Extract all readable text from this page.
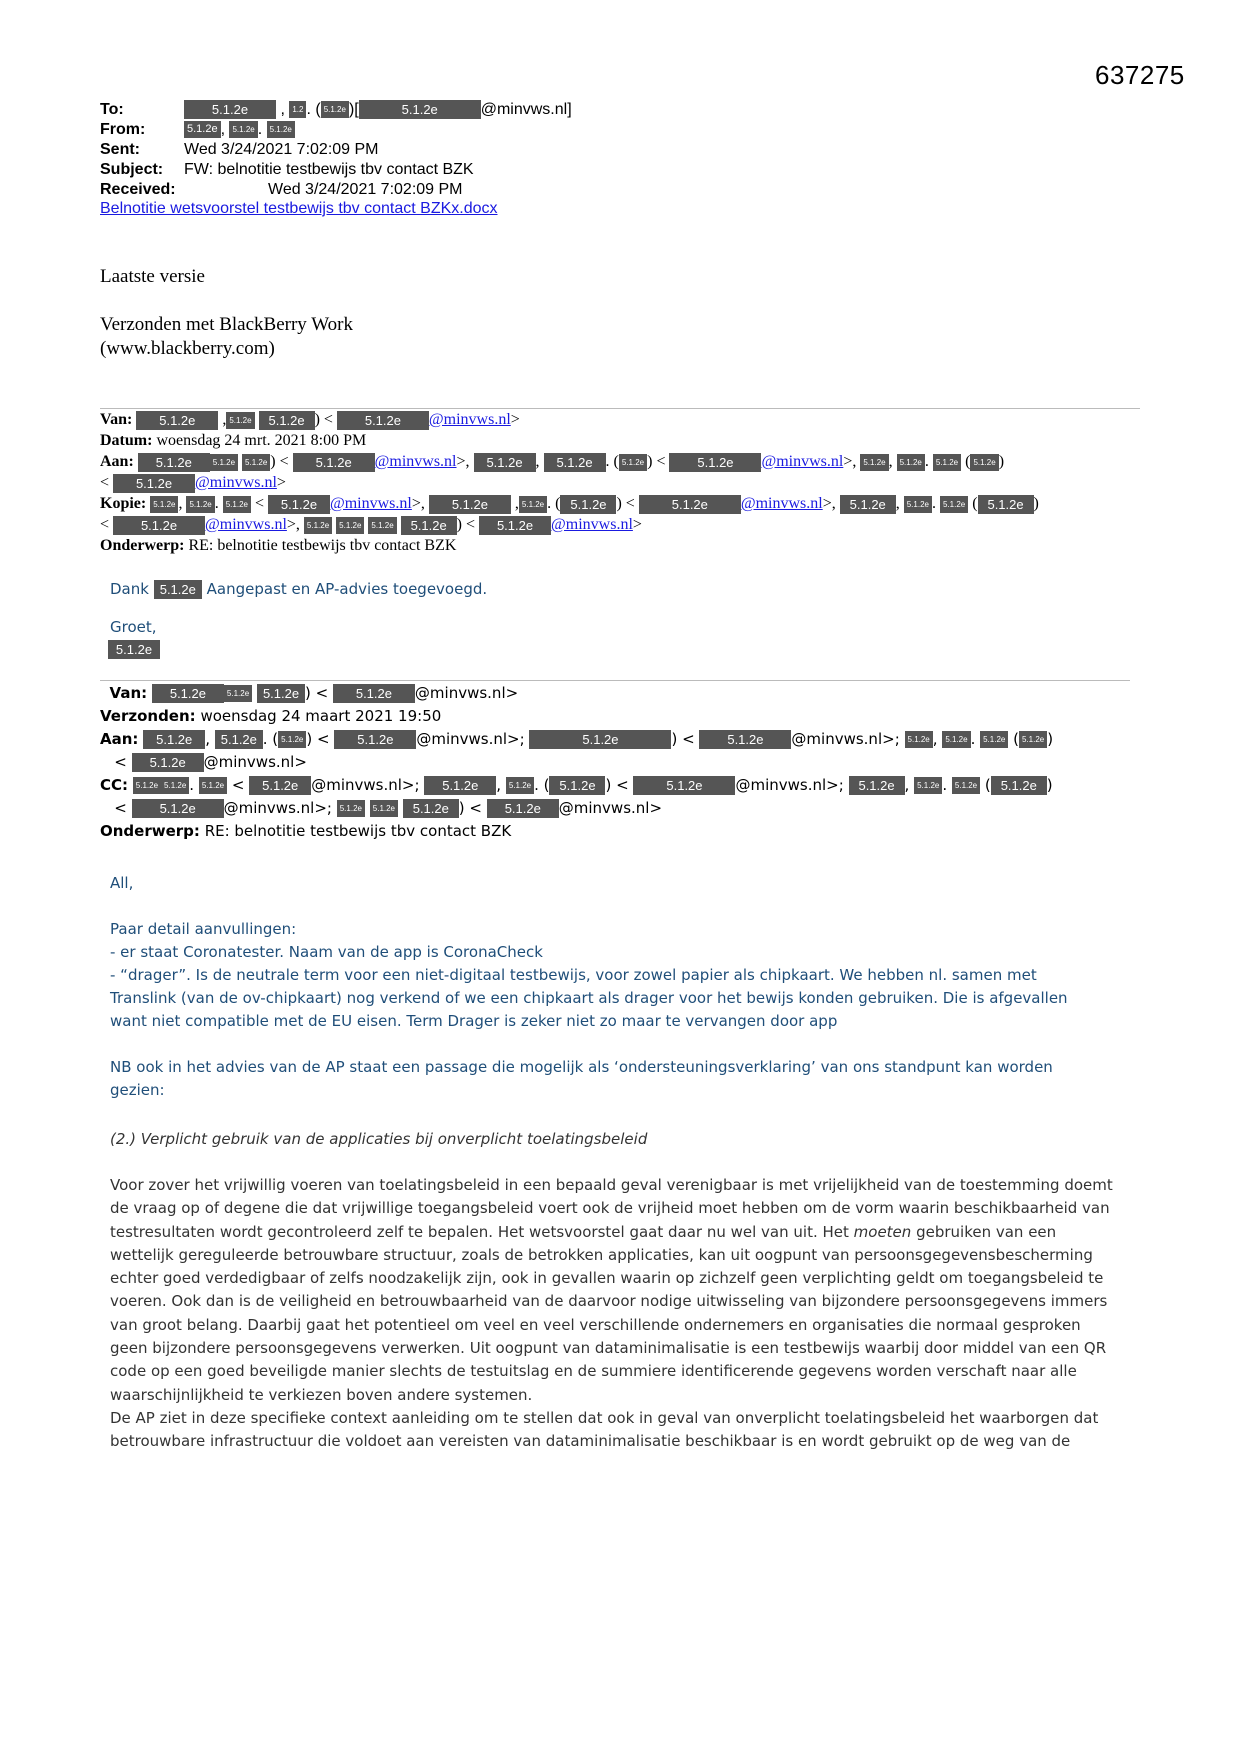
637275
To:	5.1.2e , 1.2 . ( 5.1.2e )[	5.1.2e	@minvws.nl]
From:	5.1.2e , 5.1.2e . 5.1.2e
Sent:	Wed 3/24/2021 7:02:09 PM
Subject: FW: belnotitie testbewijs tbv contact BZK
Received:	Wed 3/24/2021 7:02:09 PM
Belnotitie wetsvoorstel testbewijs tbv contact BZKx.docx
Laatste versie
Verzonden met BlackBerry Work
(www.blackberry.com)
Van: 5.1.2e , 5.1.2e 5.1.2e ) < 5.1.2e @minvws.nl>
Datum: woensdag 24 mrt. 2021 8:00 PM
Aan: 5.1.2e	5.1.2e 5.1.2e ) < 5.1.2e @minvws.nl>, 5.1.2e , 5.1.2e . ( 5.1.2e ) < 5.1.2e @minvws.nl>, 5.1.2e , 5.1.2e . 5.1.2e ( 5.1.2e )
< 5.1.2e @minvws.nl>
Kopie: 5.1.2e , 5.1.2e . 5.1.2e < 5.1.2e @minvws.nl>, 5.1.2e , 5.1.2e . ( 5.1.2e ) <	5.1.2e @minvws.nl>, 5.1.2e , 5.1.2e . 5.1.2e ( 5.1.2e )
< 5.1.2e @minvws.nl>, 5.1.2e 5.1.2e 5.1.2e 5.1.2e ) < 5.1.2e @minvws.nl>
Onderwerp: RE: belnotitie testbewijs tbv contact BZK
Dank 5.1.2e Aangepast en AP-advies toegevoegd.
Groet,
5.1.2e
Van: 5.1.2e	5.1.2e 5.1.2e ) < 5.1.2e @minvws.nl>
Verzonden: woensdag 24 maart 2021 19:50
Aan: 5.1.2e , 5.1.2e . ( 5.1.2e ) < 5.1.2e @minvws.nl>;	5.1.2e	) < 5.1.2e @minvws.nl>; 5.1.2e , 5.1.2e . 5.1.2e ( 5.1.2e )
< 5.1.2e @minvws.nl>
CC: 5.1.2e 5.1.2e . 5.1.2e < 5.1.2e @minvws.nl>; 5.1.2e , 5.1.2e . ( 5.1.2e ) <	5.1.2e @minvws.nl>; 5.1.2e , 5.1.2e . 5.1.2e ( 5.1.2e )
< 5.1.2e @minvws.nl>; 5.1.2e 5.1.2e 5.1.2e ) < 5.1.2e @minvws.nl>
Onderwerp: RE: belnotitie testbewijs tbv contact BZK
All,
Paar detail aanvullingen:
- er staat Coronatester. Naam van de app is CoronaCheck
- “drager”. Is de neutrale term voor een niet-digitaal testbewijs, voor zowel papier als chipkaart. We hebben nl. samen met
Translink (van de ov-chipkaart) nog verkend of we een chipkaart als drager voor het bewijs konden gebruiken. Die is afgevallen
want niet compatible met de EU eisen. Term Drager is zeker niet zo maar te vervangen door app
NB ook in het advies van de AP staat een passage die mogelijk als ‘ondersteuningsverklaring’ van ons standpunt kan worden
gezien:
(2.) Verplicht gebruik van de applicaties bij onverplicht toelatingsbeleid

Voor zover het vrijwillig voeren van toelatingsbeleid in een bepaald geval verenigbaar is met vrijelijkheid van de toestemming doemt

de vraag op of degene die dat vrijwillige toegangsbeleid voert ook de vrijheid moet hebben om de vorm waarin beschikbaarheid van

testresultaten wordt gecontroleerd zelf te bepalen. Het wetsvoorstel gaat daar nu wel van uit. Het moeten gebruiken van een

wettelijk gereguleerde betrouwbare structuur, zoals de betrokken applicaties, kan uit oogpunt van persoonsgegevensbescherming

echter goed verdedigbaar of zelfs noodzakelijk zijn, ook in gevallen waarin op zichzelf geen verplichting geldt om toegangsbeleid te

voeren. Ook dan is de veiligheid en betrouwbaarheid van de daarvoor nodige uitwisseling van bijzondere persoonsgegevens immers

van groot belang. Daarbij gaat het potentieel om veel en veel verschillende ondernemers en organisaties die normaal gesproken

geen bijzondere persoonsgegevens verwerken. Uit oogpunt van dataminimalisatie is een testbewijs waarbij door middel van een QR

code op een goed beveiligde manier slechts de testuitslag en de summiere identificerende gegevens worden verschaft naar alle

waarschijnlijkheid te verkiezen boven andere systemen.

De AP ziet in deze specifieke context aanleiding om te stellen dat ook in geval van onverplicht toelatingsbeleid het waarborgen dat

betrouwbare infrastructuur die voldoet aan vereisten van dataminimalisatie beschikbaar is en wordt gebruikt op de weg van de
